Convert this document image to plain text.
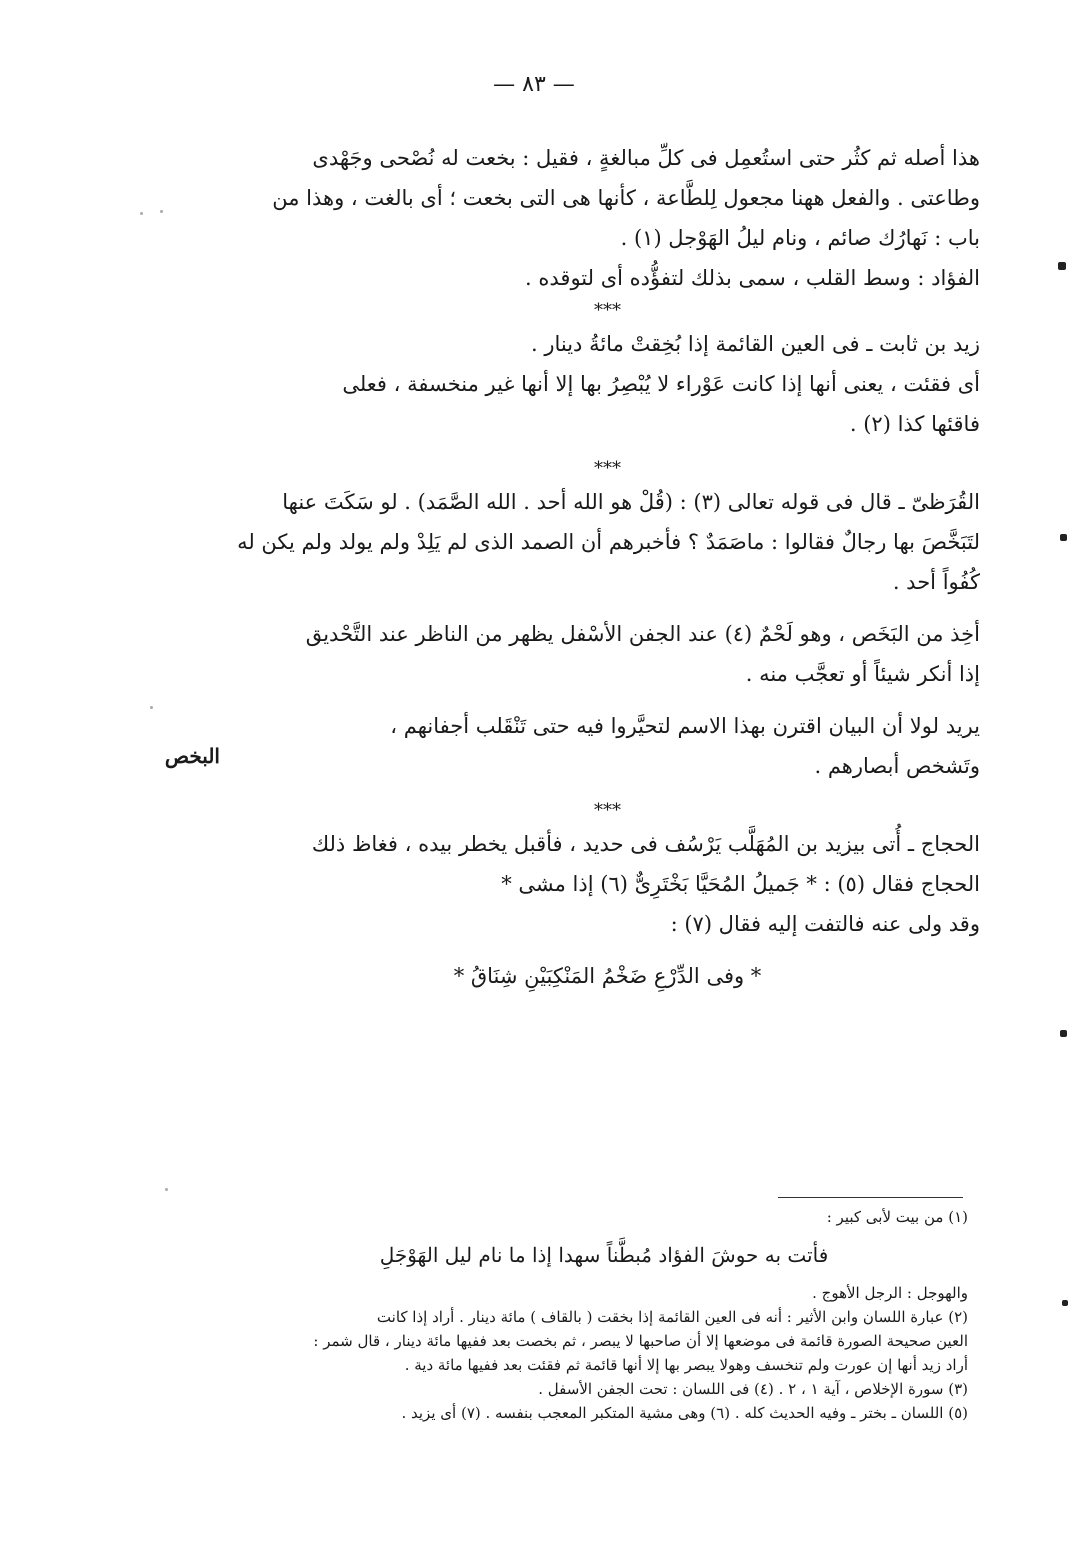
— ٨٣ —

هذا أصله ثم كثُر حتى استُعمِل فى كلِّ مبالغةٍ ، فقيل : بخعت له نُصْحى وجَهْدى

وطاعتى . والفعل ههنا مجعول لِلطَّاعة ، كأنها هى التى بخعت ؛ أى بالغت ، وهذا من

باب : نَهارُك صائم ، ونام ليلُ الهَوْجل (١) .

الفؤاد : وسط القلب ، سمى بذلك لتفؤُّده أى لتوقده .

***

زيد بن ثابت ـ فى العين القائمة إذا بُخِقتْ مائةُ دينار .

أى فقئت ، يعنى أنها إذا كانت عَوْراء لا يُبْصِرُ بها إلا أنها غير منخسفة ، فعلى

فاقئها كذا (٢) .

***

القُرَظىّ ـ قال فى قوله تعالى (٣) : (قُلْ هو الله أحد . الله الصَّمَد) . لو سَكَتَ عنها

لتَبَخَّصَ بها رجالٌ فقالوا : ماصَمَدٌ ؟ فأخبرهم أن الصمد الذى لم يَلِدْ ولم يولد ولم يكن له

كُفُواً أحد .

أخِذ من البَخَص ، وهو لَحْمٌ (٤) عند الجفن الأسْفل يظهر من الناظر عند التَّحْديق

إذا أنكر شيئاً أو تعجَّب منه .

يريد لولا أن البيان اقترن بهذا الاسم لتحيَّروا فيه حتى تَنْقَلب أجفانهم ،

وتَشخص أبصارهم .

***

الحجاج ـ أُتى بيزيد بن المُهَلَّب يَرْسُف فى حديد ، فأقبل يخطر بيده ، فغاظ ذلك

الحجاج فقال (٥) : * جَميلُ المُحَيَّا بَخْتَرِىٌّ (٦) إذا مشى *

وقد ولى عنه فالتفت إليه فقال (٧) :

* وفى الدِّرْعِ ضَخْمُ المَنْكِبَيْنِ شِنَاقُ *

البخص

(١) من بيت لأبى كبير :

فأتت به حوشَ الفؤاد مُبطَّناً سهدا إذا ما نام ليل الهَوْجَلِ

والهوجل : الرجل الأهوج .

(٢) عبارة اللسان وابن الأثير : أنه فى العين القائمة إذا بخقت ( بالقاف ) مائة دينار . أراد إذا كانت

العين صحيحة الصورة قائمة فى موضعها إلا أن صاحبها لا يبصر ، ثم بخصت بعد ففيها مائة دينار ، قال شمر :

أراد زيد أنها إن عورت ولم تنخسف وهولا يبصر بها إلا أنها قائمة ثم فقئت بعد ففيها مائة دية .

(٣) سورة الإخلاص ، آية ١ ، ٢ . (٤) فى اللسان : تحت الجفن الأسفل .

(٥) اللسان ـ بختر ـ وفيه الحديث كله . (٦) وهى مشية المتكبر المعجب بنفسه . (٧) أى يزيد .
